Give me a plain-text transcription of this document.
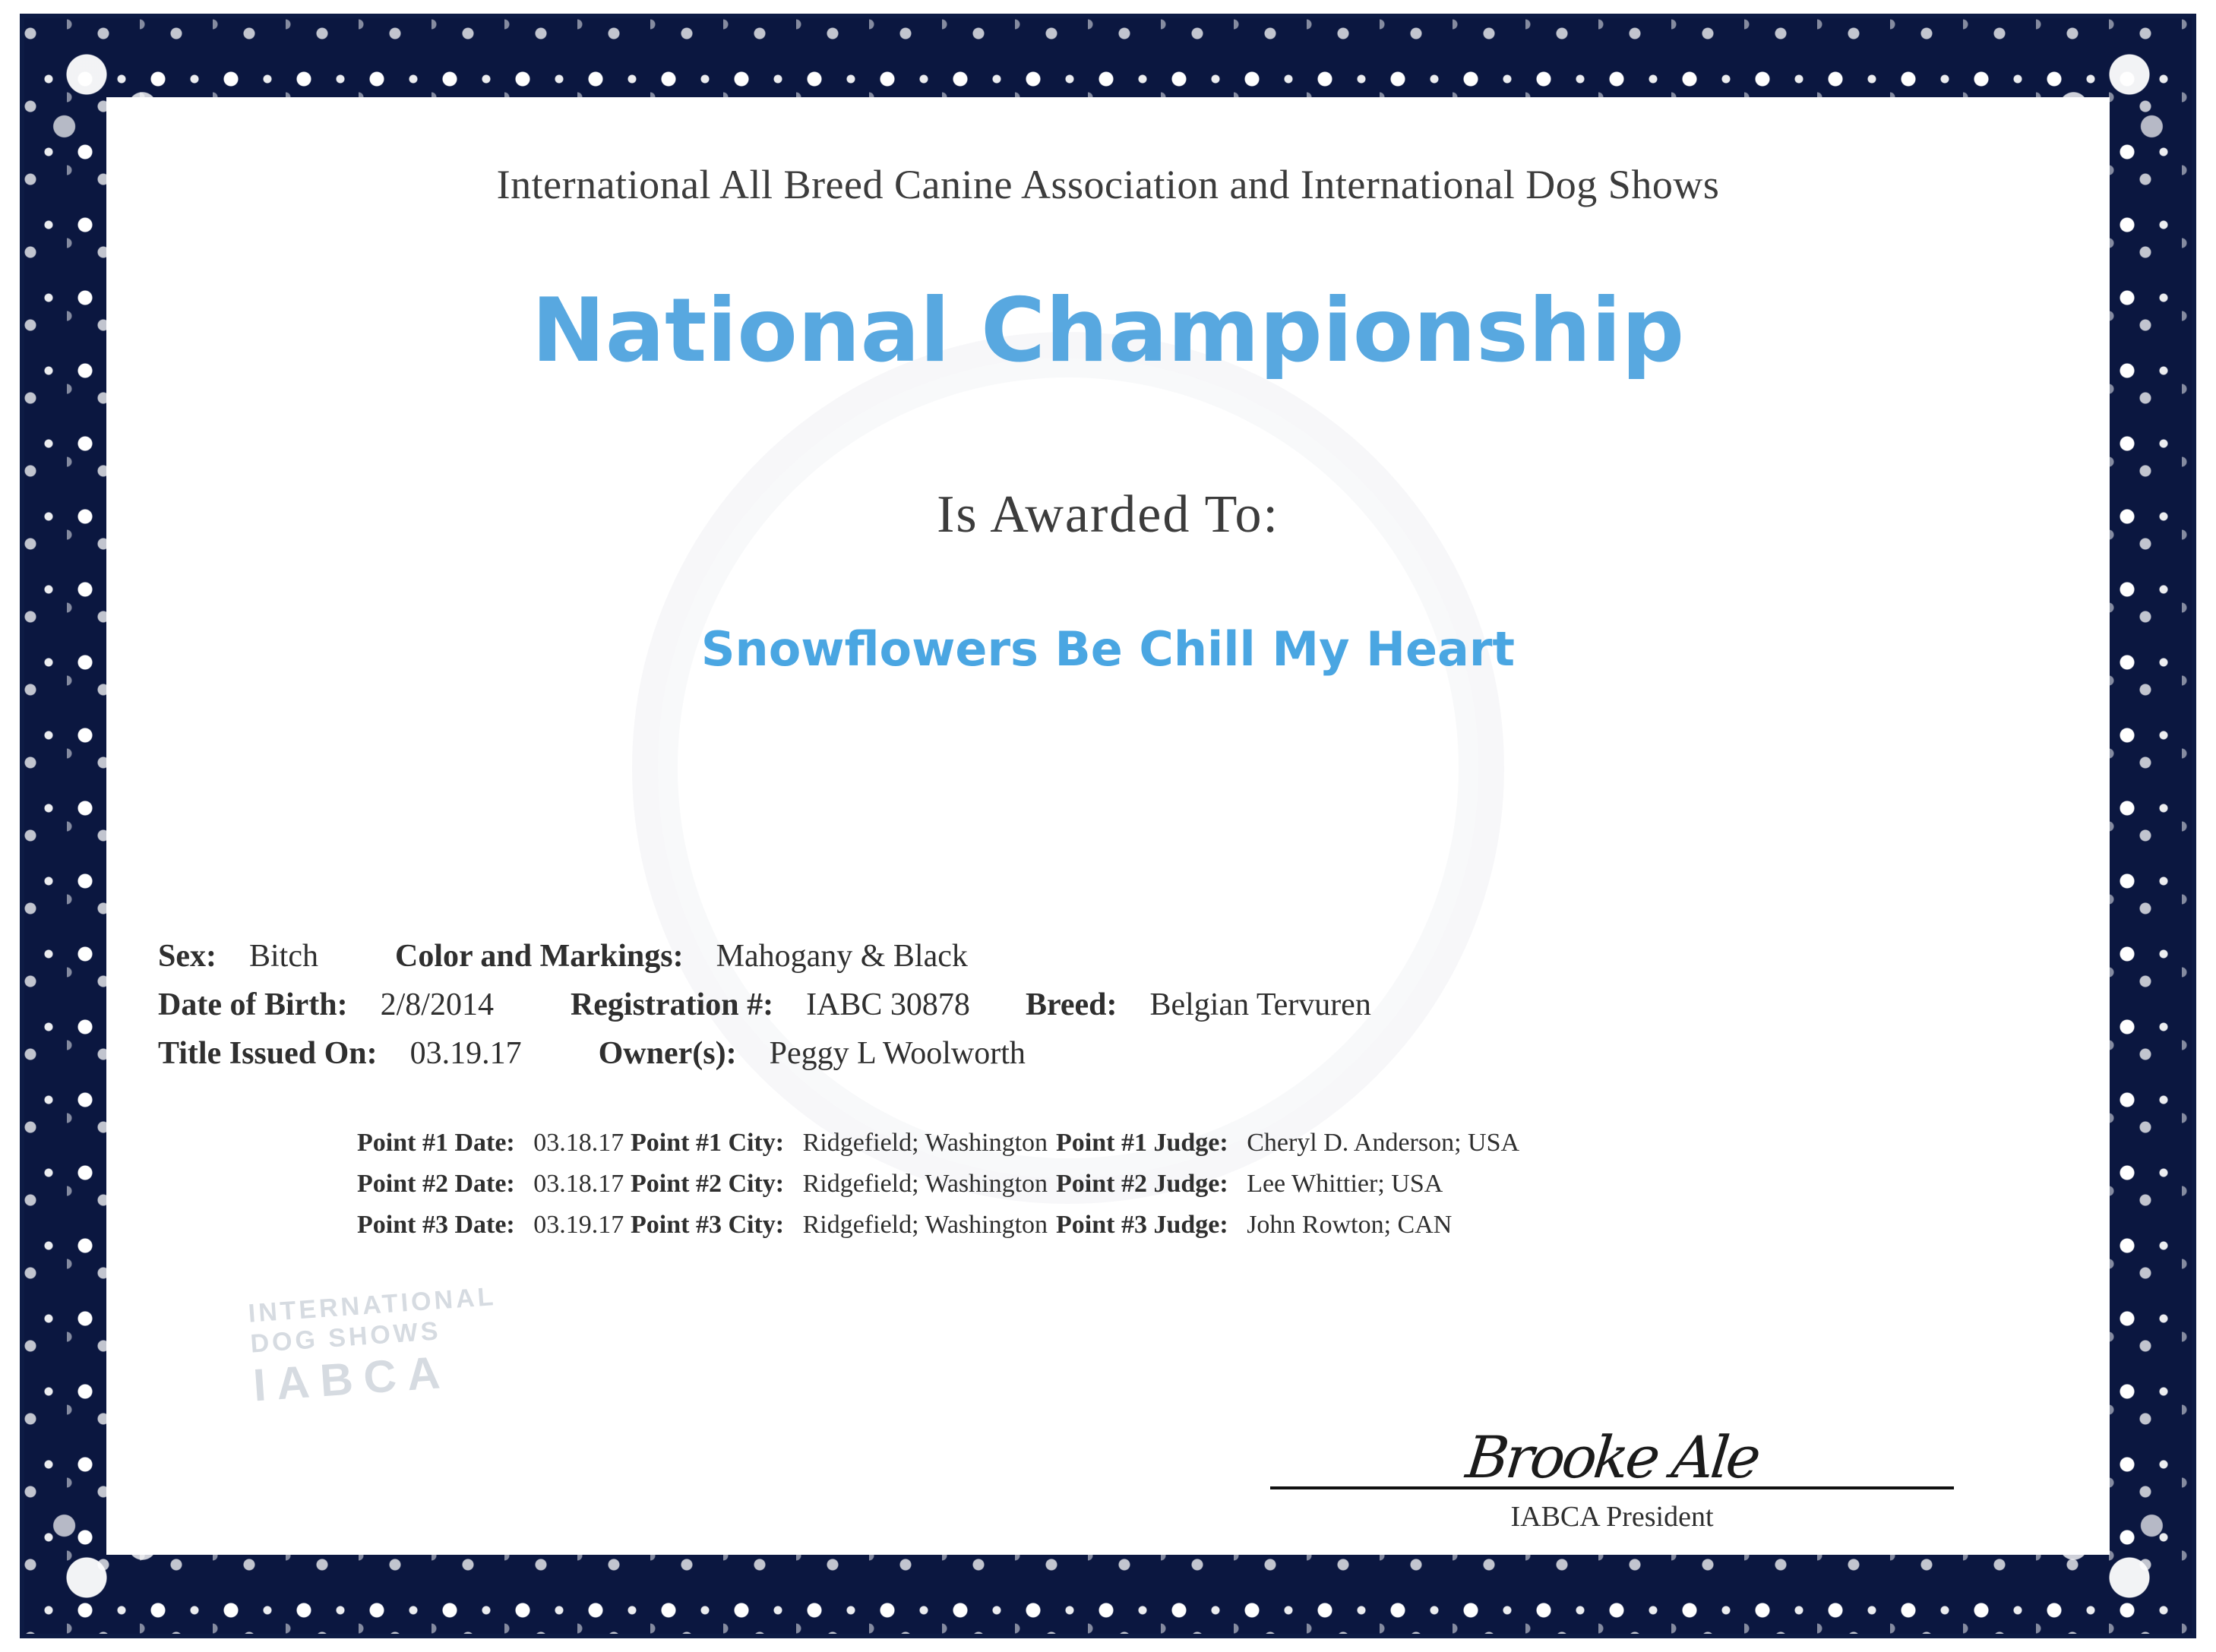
INTERNATIONAL
DOG SHOWS
IABCA
International All Breed Canine Association and International Dog Shows
National Championship
Is Awarded To:
Snowflowers Be Chill My Heart
Sex: Bitch Color and Markings: Mahogany & Black
Date of Birth: 2/8/2014 Registration #: IABC 30878 Breed: Belgian Tervuren
Title Issued On: 03.19.17 Owner(s): Peggy L Woolworth
Point #1 Date: 03.18.17 Point #1 City: Ridgefield; Washington Point #1 Judge: Cheryl D. Anderson; USA
Point #2 Date: 03.18.17 Point #2 City: Ridgefield; Washington Point #2 Judge: Lee Whittier; USA
Point #3 Date: 03.19.17 Point #3 City: Ridgefield; Washington Point #3 Judge: John Rowton; CAN
Brooke Ale
IABCA President
